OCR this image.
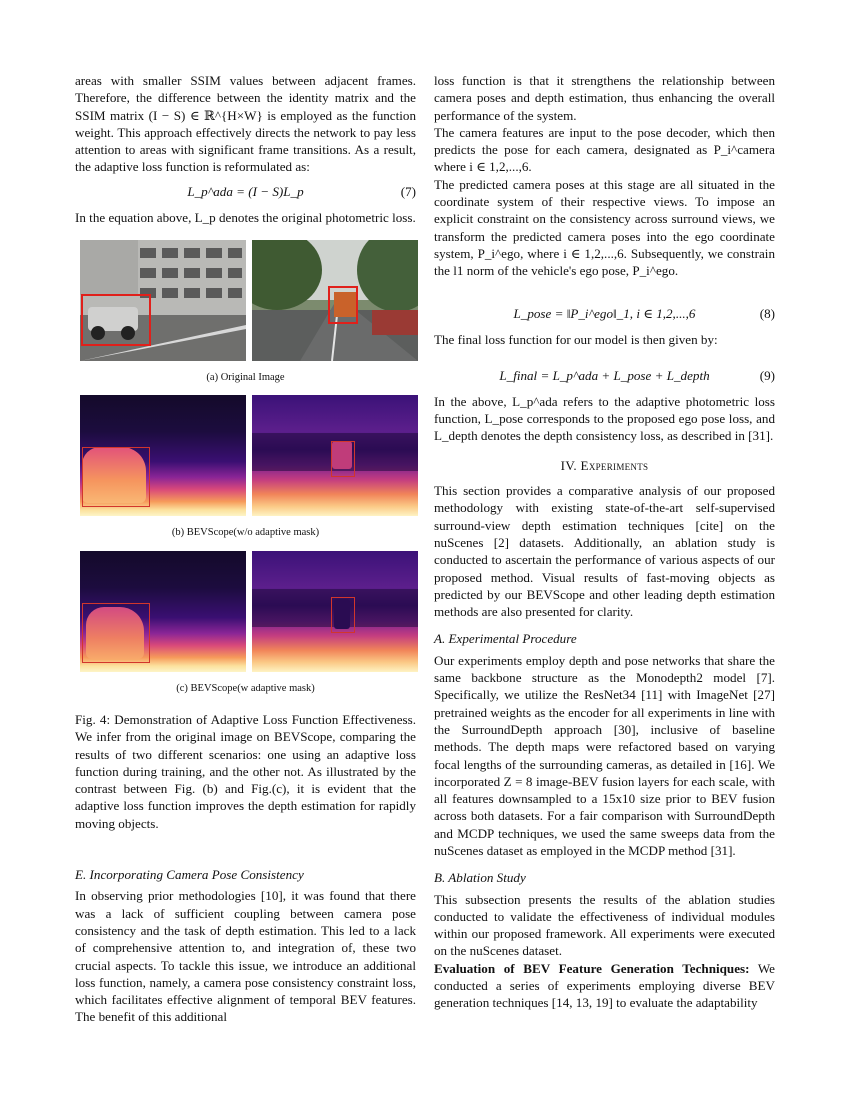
areas with smaller SSIM values between adjacent frames. Therefore, the difference between the identity matrix and the SSIM matrix (I − S) ∈ ℝ^{H×W} is employed as the function weight. This approach effectively directs the network to pay less attention to areas with significant frame transitions. As a result, the adaptive loss function is reformulated as:

L_p^ada = (I − S)L_p	(7)

In the equation above, L_p denotes the original photometric loss.

(a) Original Image
(b) BEVScope(w/o adaptive mask)
(c) BEVScope(w adaptive mask)

Fig. 4: Demonstration of Adaptive Loss Function Effectiveness. We infer from the original image on BEVScope, comparing the results of two different scenarios: one using an adaptive loss function during training, and the other not. As illustrated by the contrast between Fig. (b) and Fig.(c), it is evident that the adaptive loss function improves the depth estimation for rapidly moving objects.

E. Incorporating Camera Pose Consistency

In observing prior methodologies [10], it was found that there was a lack of sufficient coupling between camera pose consistency and the task of depth estimation. This led to a lack of comprehensive attention to, and integration of, these two crucial aspects. To tackle this issue, we introduce an additional loss function, namely, a camera pose consistency constraint loss, which facilitates effective alignment of temporal BEV features. The benefit of this additional

loss function is that it strengthens the relationship between camera poses and depth estimation, thus enhancing the overall performance of the system.

The camera features are input to the pose decoder, which then predicts the pose for each camera, designated as P_i^camera where i ∈ 1,2,...,6.

The predicted camera poses at this stage are all situated in the coordinate system of their respective views. To impose an explicit constraint on the consistency across surround views, we transform the predicted camera poses into the ego coordinate system, P_i^ego, where i ∈ 1,2,...,6. Subsequently, we constrain the l1 norm of the vehicle's ego pose, P_i^ego.

L_pose = ‖P_i^ego‖_1, i ∈ 1,2,...,6	(8)

The final loss function for our model is then given by:

L_final = L_p^ada + L_pose + L_depth	(9)

In the above, L_p^ada refers to the adaptive photometric loss function, L_pose corresponds to the proposed ego pose loss, and L_depth denotes the depth consistency loss, as described in [31].

IV. Experiments

This section provides a comparative analysis of our proposed methodology with existing state-of-the-art self-supervised surround-view depth estimation techniques [cite] on the nuScenes [2] datasets. Additionally, an ablation study is conducted to ascertain the performance of various aspects of our proposed method. Visual results of fast-moving objects as predicted by our BEVScope and other leading depth estimation methods are also presented for clarity.

A. Experimental Procedure

Our experiments employ depth and pose networks that share the same backbone structure as the Monodepth2 model [7]. Specifically, we utilize the ResNet34 [11] with ImageNet [27] pretrained weights as the encoder for all experiments in line with the SurroundDepth approach [30], inclusive of baseline methods. The depth maps were refactored based on varying focal lengths of the surrounding cameras, as detailed in [16]. We incorporated Z = 8 image-BEV fusion layers for each scale, with all features downsampled to a 15x10 size prior to BEV fusion across both datasets. For a fair comparison with SurroundDepth and MCDP techniques, we used the same sweeps data from the nuScenes dataset as employed in the MCDP method [31].

B. Ablation Study

This subsection presents the results of the ablation studies conducted to validate the effectiveness of individual modules within our proposed framework. All experiments were executed on the nuScenes dataset.

Evaluation of BEV Feature Generation Techniques: We conducted a series of experiments employing diverse BEV generation techniques [14, 13, 19] to evaluate the adaptability
